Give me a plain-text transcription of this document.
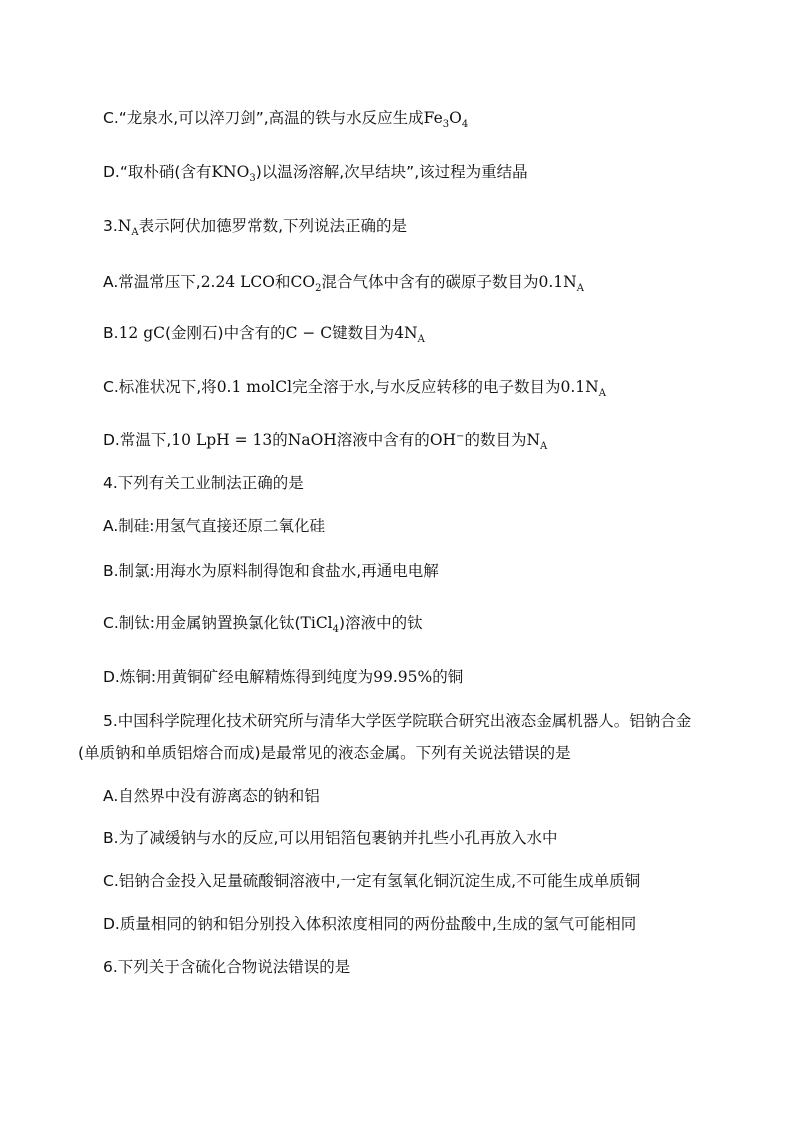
C.“龙泉水,可以淬刀剑”,高温的铁与水反应生成$Fe_3O_4$
D.“取朴硝(含有$KNO_3$)以温汤溶解,次早结块”,该过程为重结晶
$3.N_A$表示阿伏加德罗常数,下列说法正确的是
A.常温常压下,2.24 LCO和$CO_2$混合气体中含有的碳原子数目为$0.1N_A$
B.12 gC(金刚石)中含有的C − C键数目为$4N_A$
C.标准状况下,将0.1 molCl完全溶于水,与水反应转移的电子数目为$0.1N_A$
D.常温下,10 LpH = 13的NaOH溶液中含有的OH−的数目为$N_A$
4.下列有关工业制法正确的是
A.制硅:用氢气直接还原二氧化硅
B.制氯:用海水为原料制得饱和食盐水,再通电电解
C.制钛:用金属钠置换氯化钛(TiCl$_4$)溶液中的钛
D.炼铜:用黄铜矿经电解精炼得到纯度为99.95%的铜
5.中国科学院理化技术研究所与清华大学医学院联合研究出液态金属机器人。铝钠合金
(单质钠和单质铝熔合而成)是最常见的液态金属。下列有关说法错误的是
A.自然界中没有游离态的钠和铝
B.为了减缓钠与水的反应,可以用铝箔包裹钠并扎些小孔再放入水中
C.铝钠合金投入足量硫酸铜溶液中,一定有氢氧化铜沉淀生成,不可能生成单质铜
D.质量相同的钠和铝分别投入体积浓度相同的两份盐酸中,生成的氢气可能相同
6.下列关于含硫化合物说法错误的是
